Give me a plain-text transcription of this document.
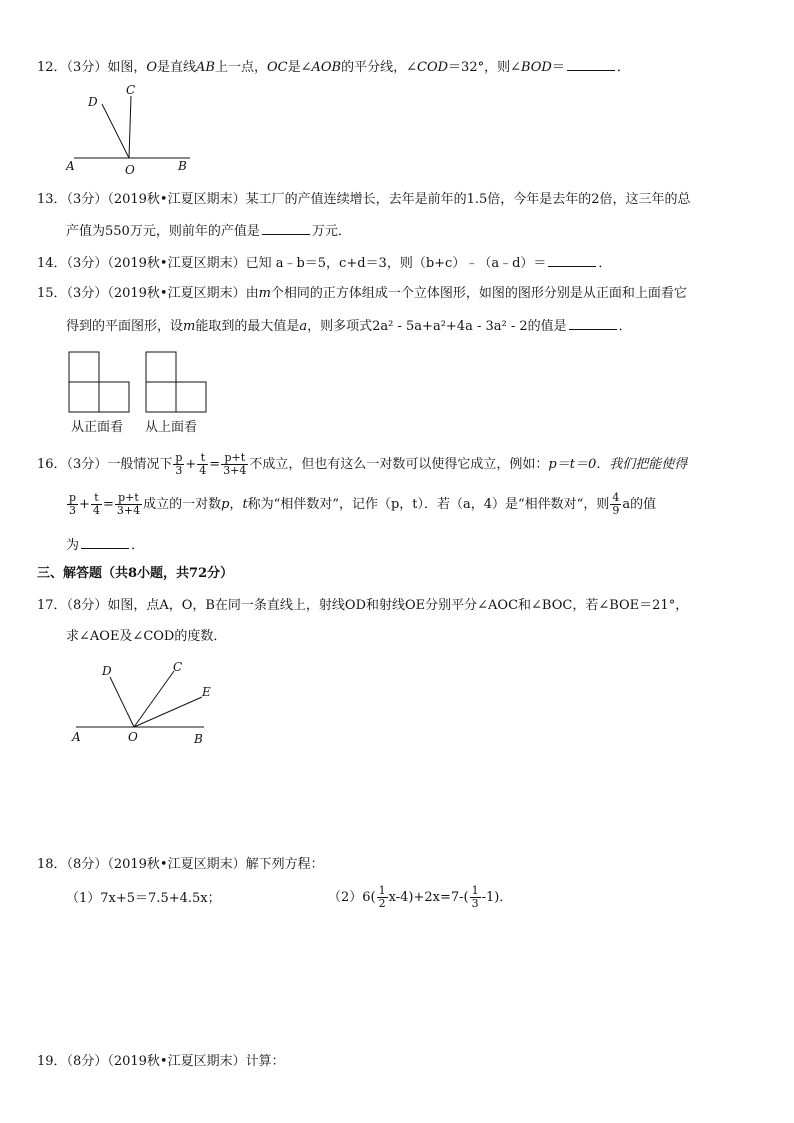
12．（3分）如图，O是直线AB上一点，OC是∠AOB的平分线，∠COD＝32°，则∠BOD＝	．
D
C
A	O	B
13．（3分）（2019秋•江夏区期末）某工厂的产值连续增长，去年是前年的1.5倍，今年是去年的2倍，这三年的总
产值为550万元，则前年的产值是	万元．
14．（3分）（2019秋•江夏区期末）已知 a﹣b＝5，c+d＝3，则（b+c）﹣（a﹣d）＝	．
15．（3分）（2019秋•江夏区期末）由m个相同的正方体组成一个立体图形，如图的图形分别是从正面和上面看它
得到的平面图形，设m能取到的最大值是a，则多项式2a² - 5a+a²+4a - 3a² - 2的值是	．
从正面看 从上面看
16．（3分）一般情况下 $\frac{p}{3} + \frac{t}{4} = \frac{p+t}{3+4}$ 不成立，但也有这么一对数可以使得它成立，例如：p＝t＝0．我们把能使得
$\frac{p}{3} + \frac{t}{4} = \frac{p+t}{3+4}$ 成立的一对数p，t称为“相伴数对”，记作（p，t）．若（a，4）是“相伴数对“，则 $\frac{4}{9}$ a的值
为	．
三、解答题（共8小题，共72分）
17．（8分）如图，点A，O，B在同一条直线上，射线OD和射线OE分别平分∠AOC和∠BOC，若∠BOE＝21°，
求∠AOE及∠COD的度数．
D	C
E
A	O	B
18．（8分）（2019秋•江夏区期末）解下列方程：
（1）7x+5＝7.5+4.5x；	$(2)6( \frac{1}{2} x-4)+2x=7-( \frac{1}{3} -1)$．
19．（8分）（2019秋•江夏区期末）计算：
